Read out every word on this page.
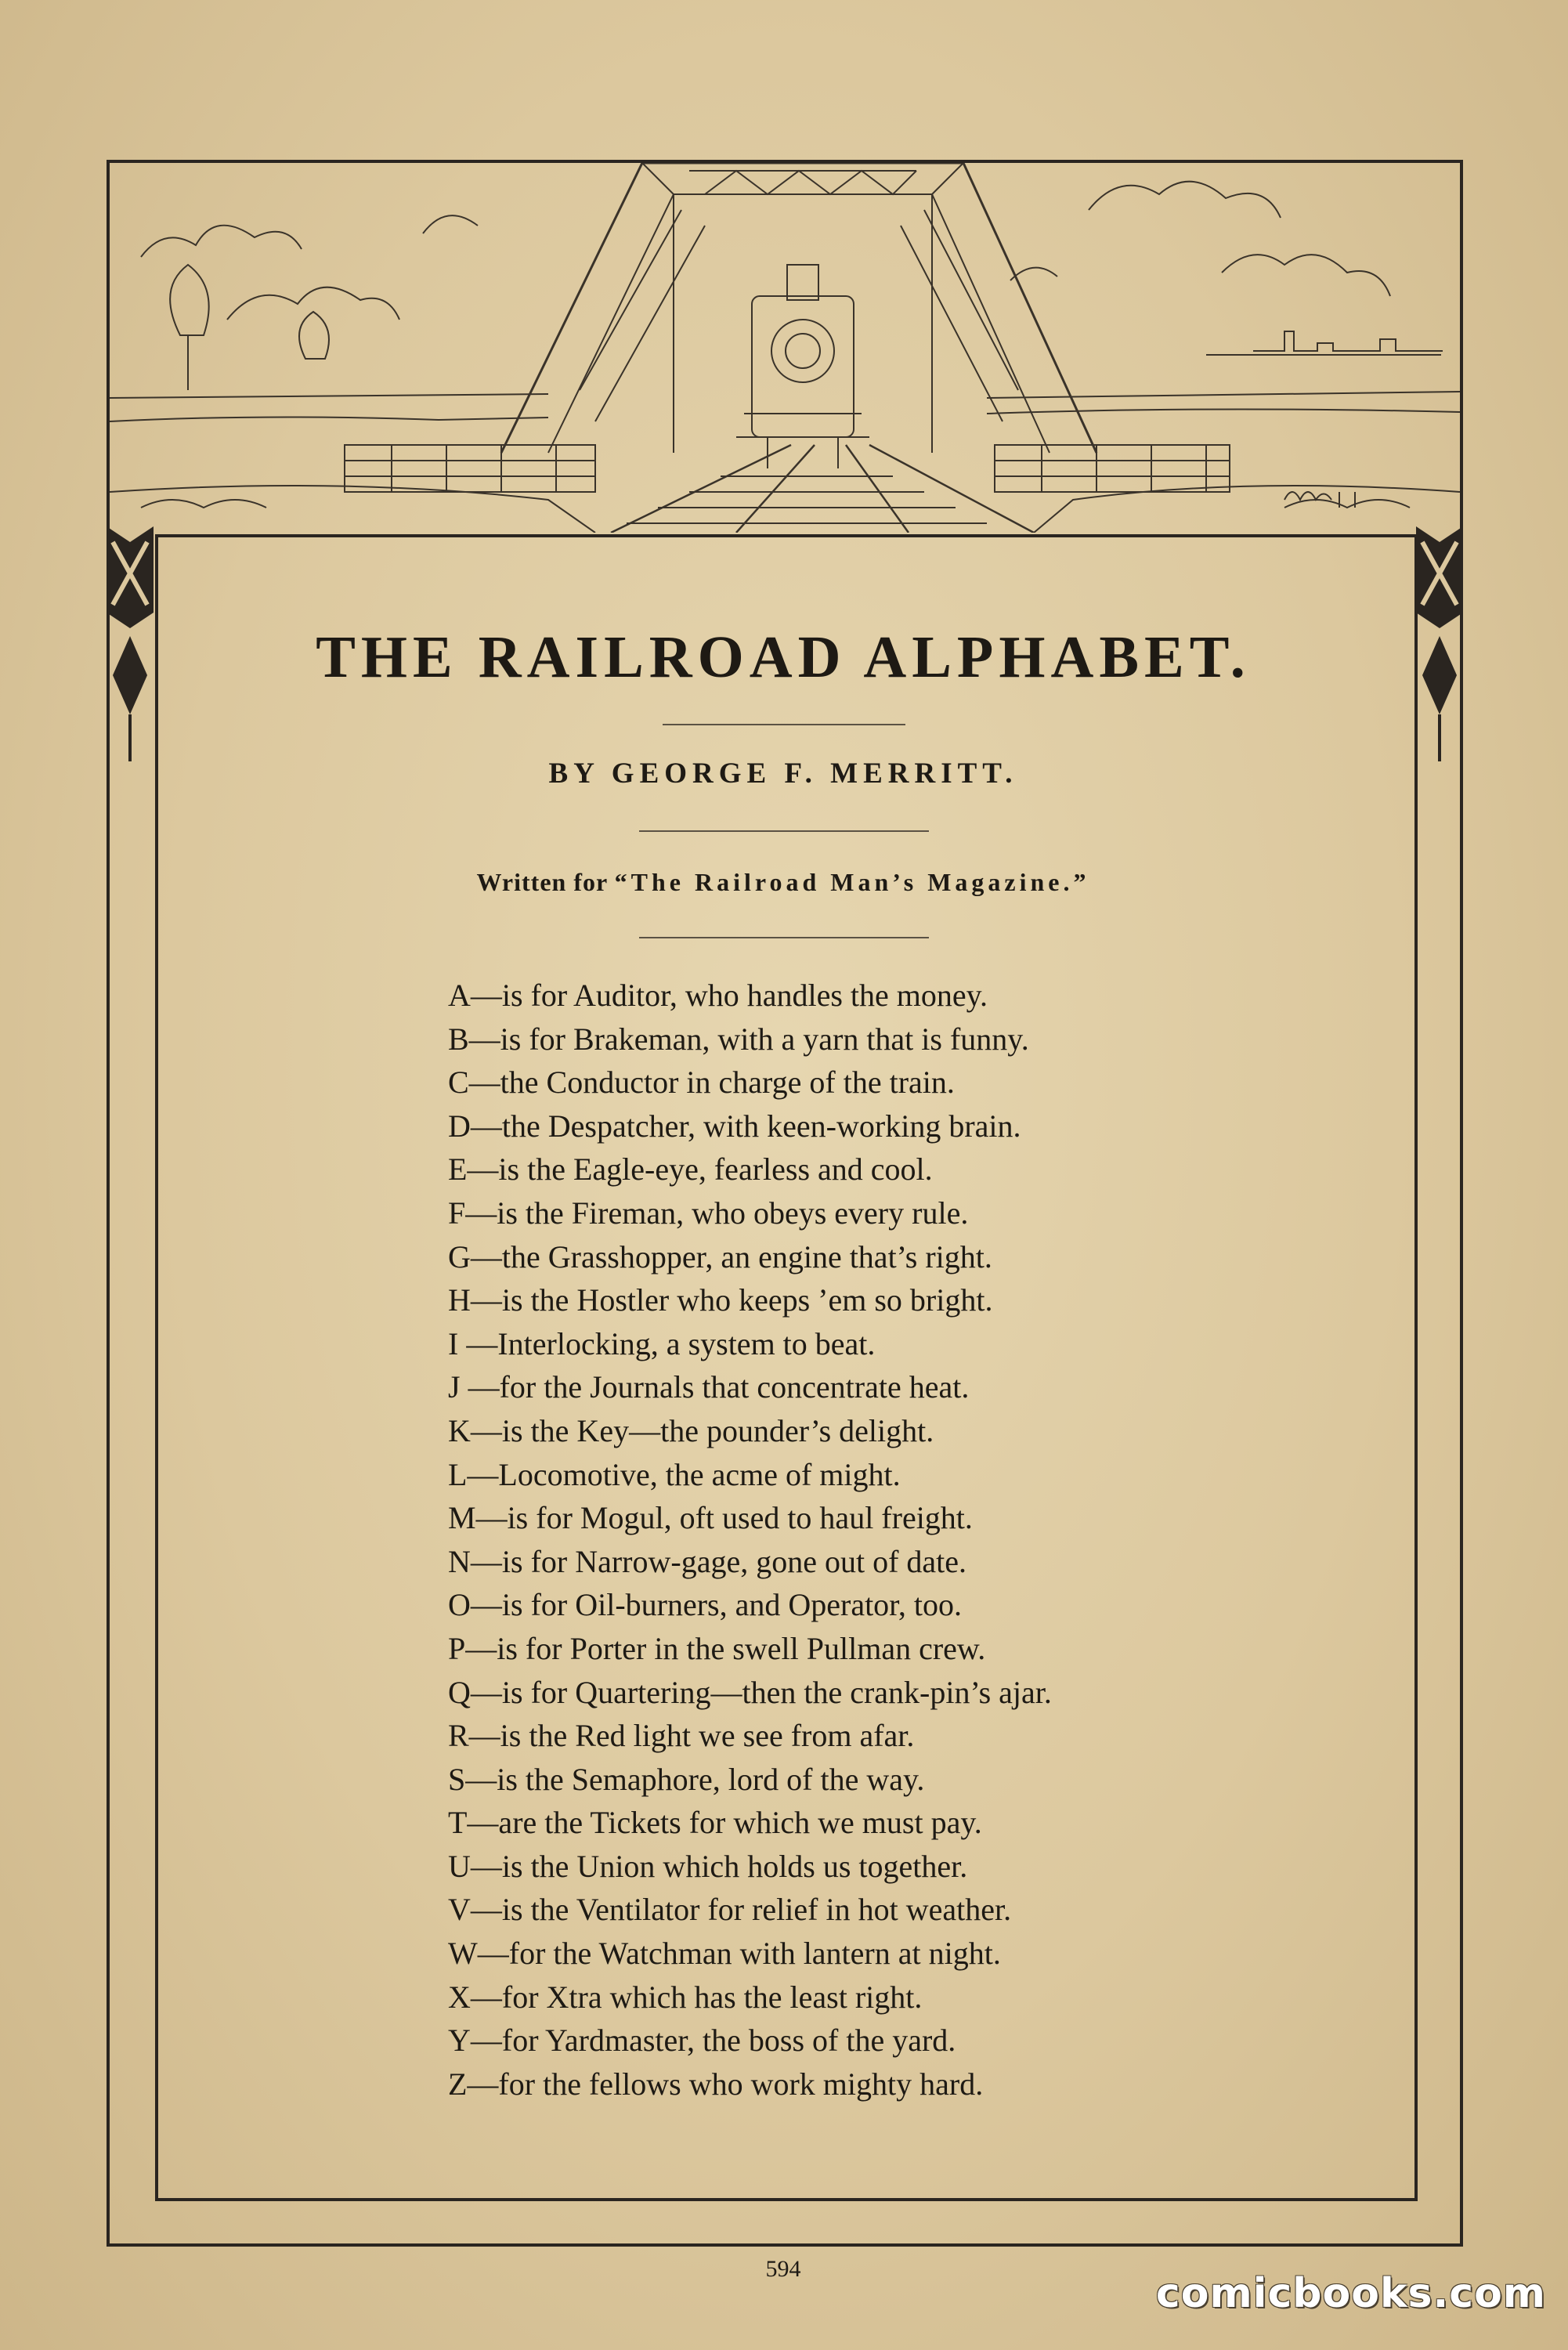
THE RAILROAD ALPHABET.

BY GEORGE F. MERRITT.

Written for “The Railroad Man’s Magazine.”

A—is for Auditor, who handles the money.
B—is for Brakeman, with a yarn that is funny.
C—the Conductor in charge of the train.
D—the Despatcher, with keen-working brain.
E—is the Eagle-eye, fearless and cool.
F—is the Fireman, who obeys every rule.
G—the Grasshopper, an engine that’s right.
H—is the Hostler who keeps ’em so bright.
I —Interlocking, a system to beat.
J —for the Journals that concentrate heat.
K—is the Key—the pounder’s delight.
L—Locomotive, the acme of might.
M—is for Mogul, oft used to haul freight.
N—is for Narrow-gage, gone out of date.
O—is for Oil-burners, and Operator, too.
P—is for Porter in the swell Pullman crew.
Q—is for Quartering—then the crank-pin’s ajar.
R—is the Red light we see from afar.
S—is the Semaphore, lord of the way.
T—are the Tickets for which we must pay.
U—is the Union which holds us together.
V—is the Ventilator for relief in hot weather.
W—for the Watchman with lantern at night.
X—for Xtra which has the least right.
Y—for Yardmaster, the boss of the yard.
Z—for the fellows who work mighty hard.
594
comicbooks.com
